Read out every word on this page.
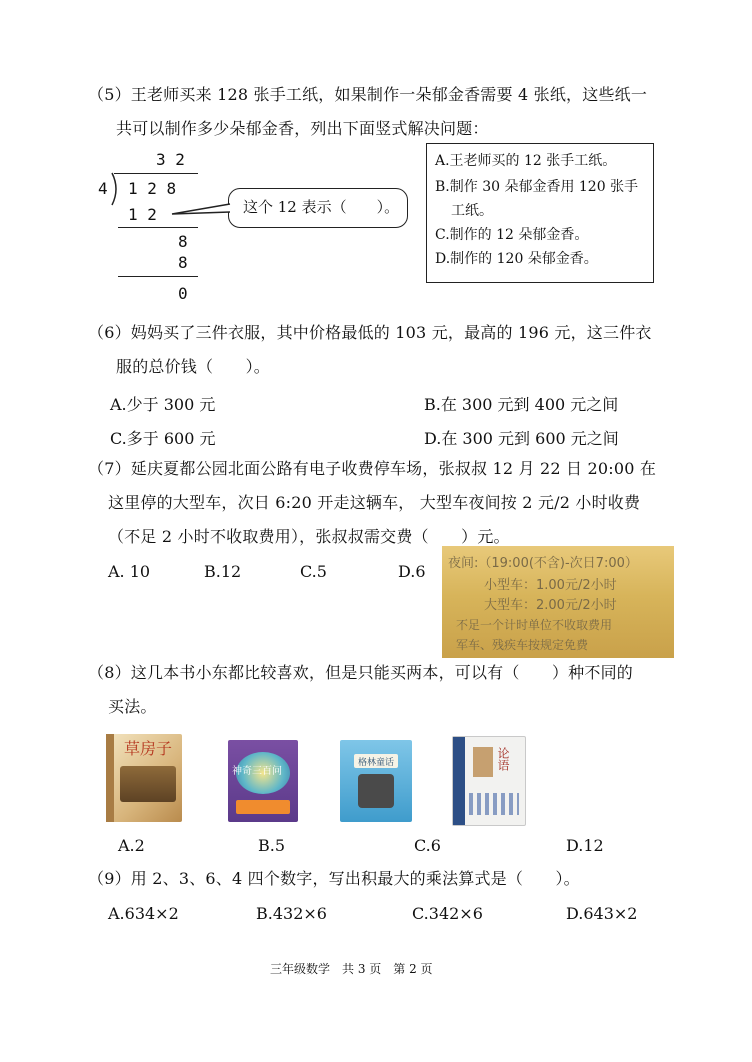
（5）王老师买来 128 张手工纸，如果制作一朵郁金香需要 4 张纸，这些纸一
共可以制作多少朵郁金香，列出下面竖式解决问题：
3 2
4 1 2 8
1 2
8
8
0
这个 12 表示（　　）。
A.王老师买的 12 张手工纸。
B.制作 30 朵郁金香用 120 张手
工纸。
C.制作的 12 朵郁金香。
D.制作的 120 朵郁金香。
（6）妈妈买了三件衣服，其中价格最低的 103 元，最高的 196 元，这三件衣
服的总价钱（　　）。
A.少于 300 元	B.在 300 元到 400 元之间
C.多于 600 元	D.在 300 元到 600 元之间
（7）延庆夏都公园北面公路有电子收费停车场，张叔叔 12 月 22 日 20:00 在
这里停的大型车，次日 6:20 开走这辆车， 大型车夜间按 2 元/2 小时收费
（不足 2 小时不收取费用），张叔叔需交费（　　）元。
A. 10	B.12	C.5	D.6 夜间:（19:00(不含)-次日7:00）
小型车：1.00元/2小时
大型车：2.00元/2小时
不足一个计时单位不收取费用
军车、残疾车按规定免费
（8）这几本书小东都比较喜欢，但是只能买两本，可以有（　　）种不同的
买法。
草房子
神奇三百问
格林童话	论语
A.2	B.5	C.6	D.12
（9）用 2、3、6、4 四个数字，写出积最大的乘法算式是（　　）。
A.634×2	B.432×6	C.342×6	D.643×2
三年级数学　共 3 页　第 2 页
